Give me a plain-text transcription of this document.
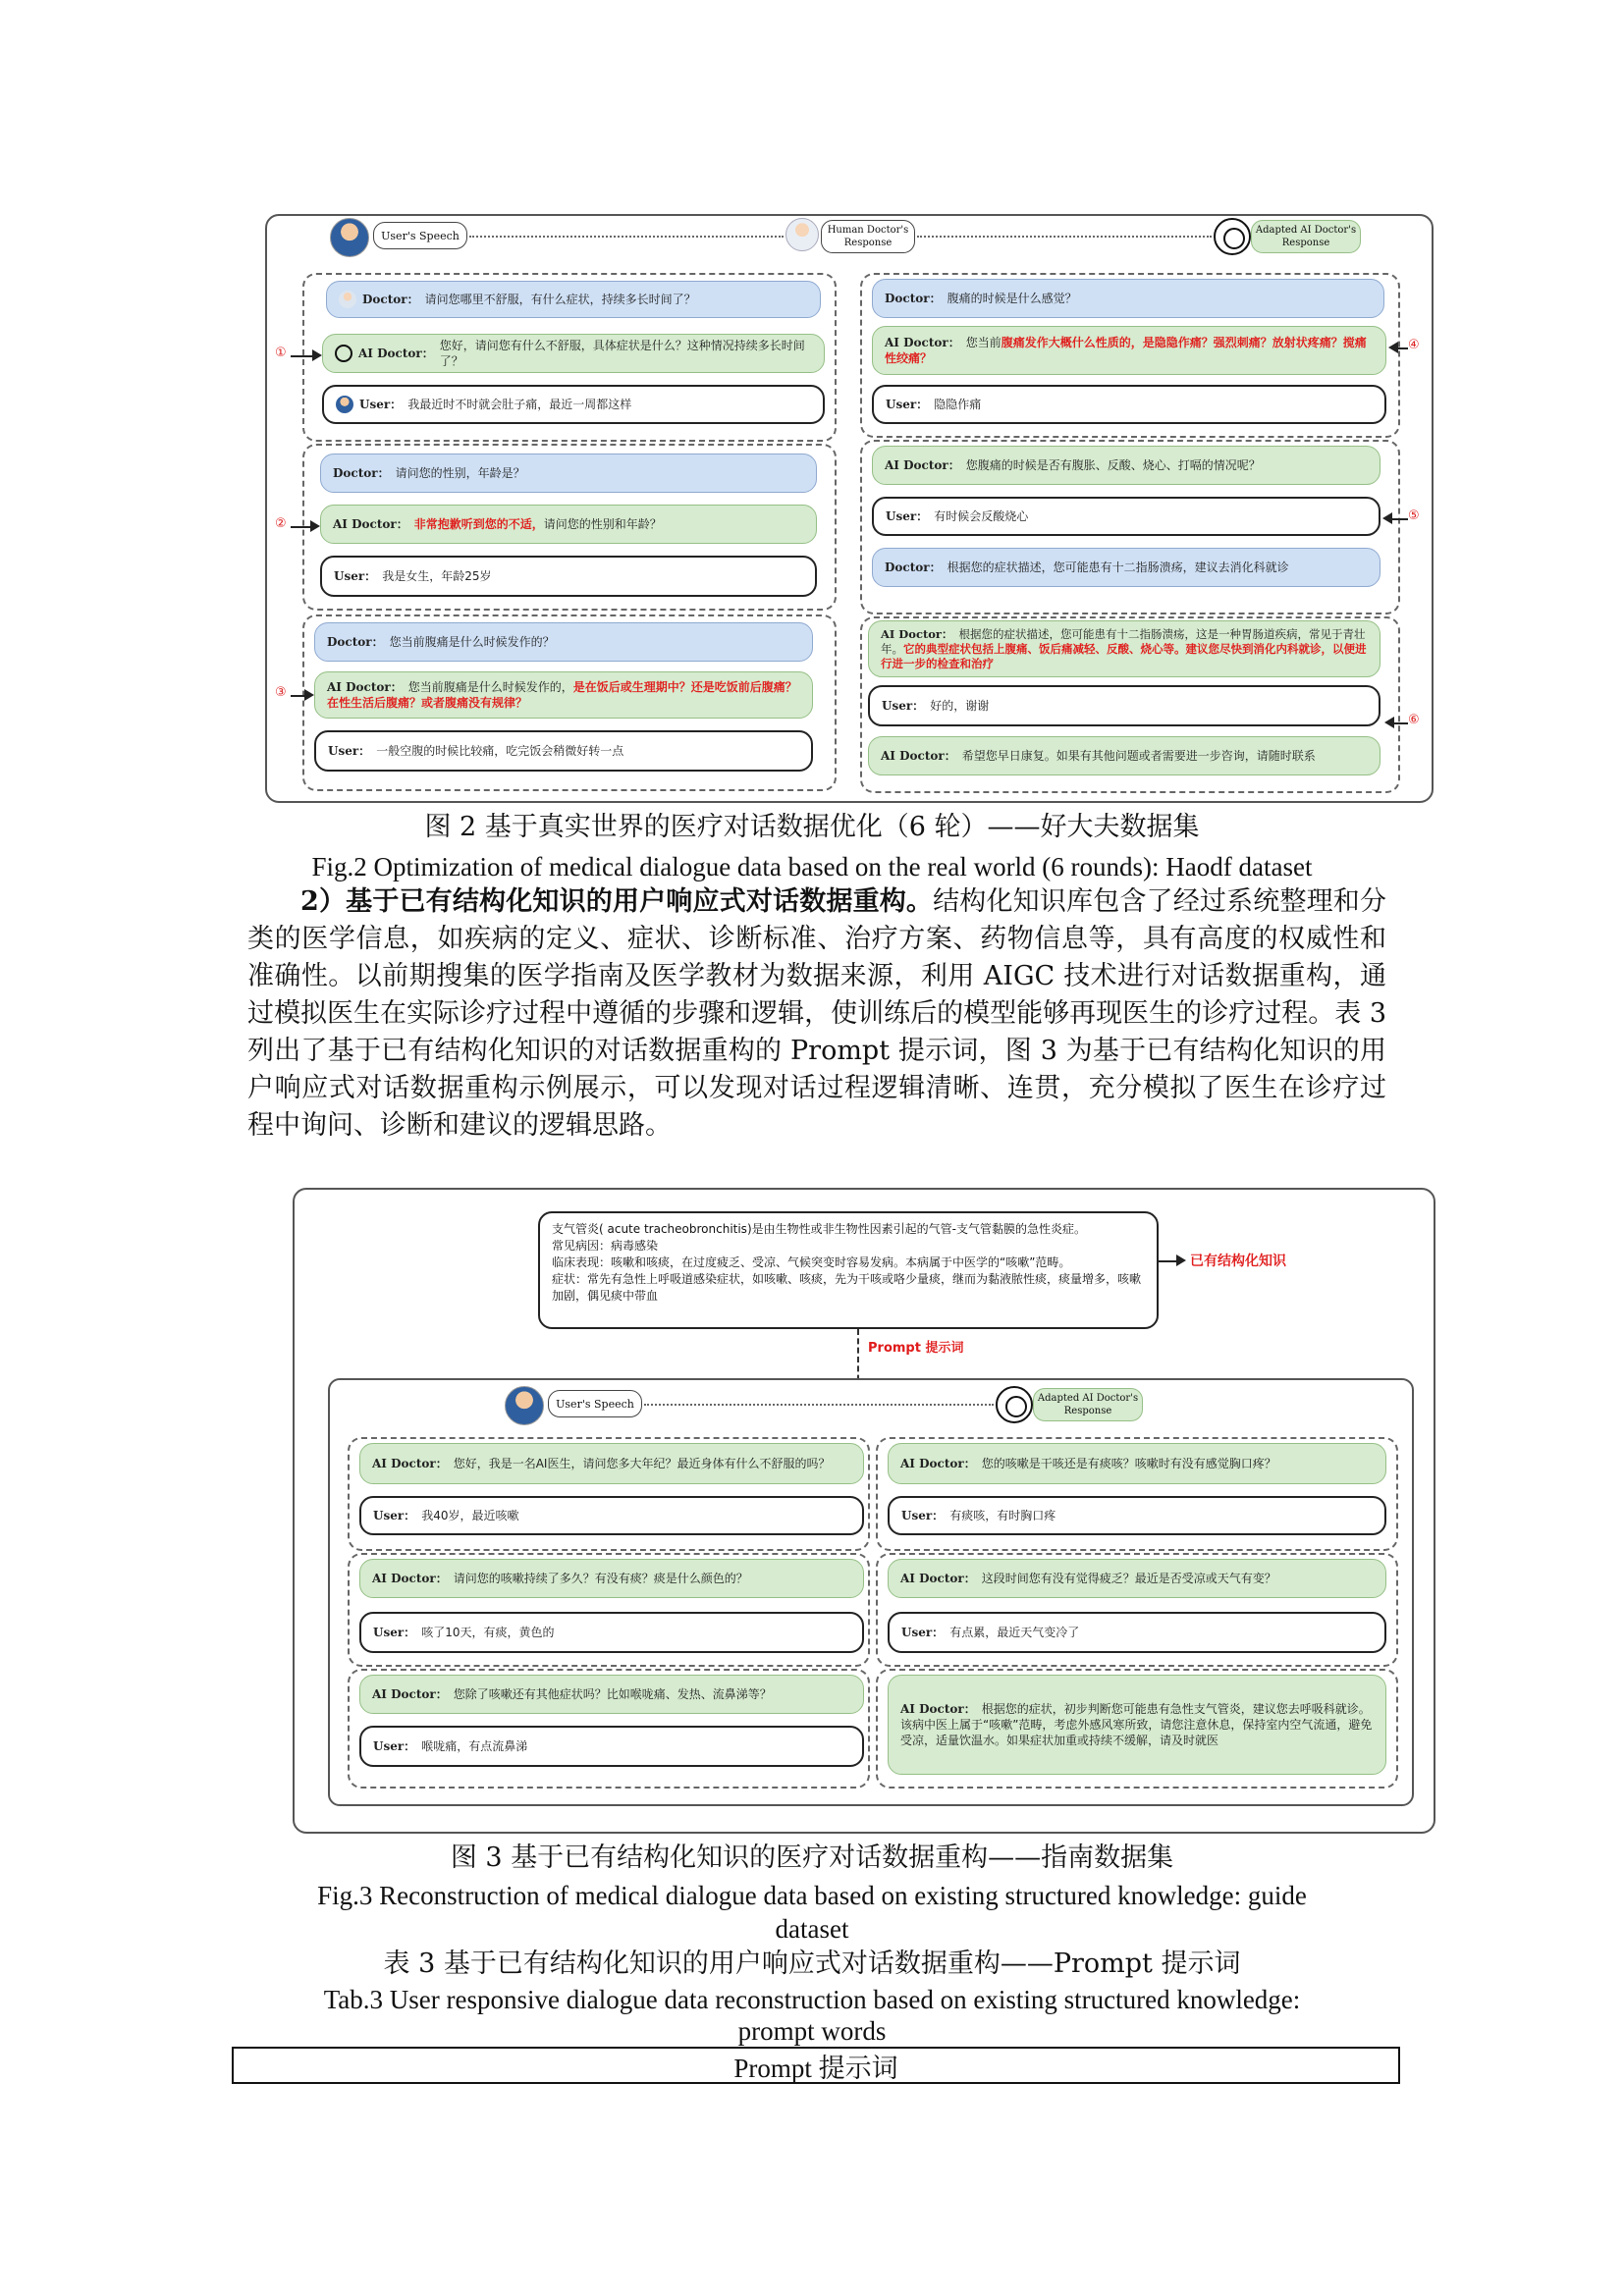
User's Speech	Human Doctor's Response
Adapted AI Doctor's Response
Doctor： 请问您哪里不舒服，有什么症状，持续多长时间了？
AI Doctor：
您好，请问您有什么不舒服，具体症状是什么？这种情况持续多长时间了？
User： 我最近时不时就会肚子痛，最近一周都这样
Doctor： 请问您的性别，年龄是？
AI Doctor： 非常抱歉听到您的不适， 请问您的性别和年龄？
User： 我是女生，年龄25岁
Doctor： 您当前腹痛是什么时候发作的？
AI Doctor： 您当前腹痛是什么时候发作的，是在饭后或生理期中？还是吃饭前后腹痛？在性生活后腹痛？或者腹痛没有规律？
User： 一般空腹的时候比较痛，吃完饭会稍微好转一点
Doctor： 腹痛的时候是什么感觉？
AI Doctor： 您当前腹痛发作大概什么性质的，是隐隐作痛？强烈刺痛？放射状疼痛？搅痛性绞痛？
User： 隐隐作痛
AI Doctor： 您腹痛的时候是否有腹胀、反酸、烧心、打嗝的情况呢？
User： 有时候会反酸烧心
Doctor： 根据您的症状描述，您可能患有十二指肠溃疡，建议去消化科就诊
AI Doctor： 根据您的症状描述，您可能患有十二指肠溃疡，这是一种胃肠道疾病，常见于青壮年。它的典型症状包括上腹痛、饭后痛减轻、反酸、烧心等。建议您尽快到消化内科就诊，以便进行进一步的检查和治疗
User： 好的，谢谢
AI Doctor： 希望您早日康复。如果有其他问题或者需要进一步咨询，请随时联系
①
②
③
④
⑤
⑥
图 2 基于真实世界的医疗对话数据优化（6 轮）——好大夫数据集
Fig.2 Optimization of medical dialogue data based on the real world (6 rounds): Haodf dataset
2）基于已有结构化知识的用户响应式对话数据重构。结构化知识库包含了经过系统整理和分类的医学信息，如疾病的定义、症状、诊断标准、治疗方案、药物信息等，具有高度的权威性和准确性。以前期搜集的医学指南及医学教材为数据来源，利用 AIGC 技术进行对话数据重构，通过模拟医生在实际诊疗过程中遵循的步骤和逻辑，使训练后的模型能够再现医生的诊疗过程。表 3 列出了基于已有结构化知识的对话数据重构的 Prompt 提示词，图 3 为基于已有结构化知识的用户响应式对话数据重构示例展示，可以发现对话过程逻辑清晰、连贯，充分模拟了医生在诊疗过程中询问、诊断和建议的逻辑思路。
支气管炎( acute tracheobronchitis)是由生物性或非生物性因素引起的气管-支气管黏膜的急性炎症。
常见病因：病毒感染
临床表现：咳嗽和咳痰，在过度疲乏、受凉、气候突变时容易发病。本病属于中医学的“咳嗽”范畴。
症状：常先有急性上呼吸道感染症状，如咳嗽、咳痰，先为干咳或咯少量痰，继而为黏液脓性痰，痰量增多，咳嗽加剧，偶见痰中带血
已有结构化知识
Prompt 提示词
User's Speech	Adapted AI Doctor's Response
AI Doctor： 您好，我是一名AI医生，请问您多大年纪？最近身体有什么不舒服的吗？
User： 我40岁，最近咳嗽
AI Doctor： 请问您的咳嗽持续了多久？有没有痰？痰是什么颜色的？
User： 咳了10天，有痰，黄色的
AI Doctor： 您除了咳嗽还有其他症状吗？比如喉咙痛、发热、流鼻涕等？
User： 喉咙痛，有点流鼻涕
AI Doctor： 您的咳嗽是干咳还是有痰咳？咳嗽时有没有感觉胸口疼？
User： 有痰咳，有时胸口疼
AI Doctor： 这段时间您有没有觉得疲乏？最近是否受凉或天气有变？
User： 有点累，最近天气变冷了
AI Doctor： 根据您的症状，初步判断您可能患有急性支气管炎，建议您去呼吸科就诊。该病中医上属于“咳嗽”范畴，考虑外感风寒所致，请您注意休息，保持室内空气流通，避免受凉，适量饮温水。如果症状加重或持续不缓解，请及时就医
图 3 基于已有结构化知识的医疗对话数据重构——指南数据集
Fig.3 Reconstruction of medical dialogue data based on existing structured knowledge: guide
dataset
表 3 基于已有结构化知识的用户响应式对话数据重构——Prompt 提示词
Tab.3 User responsive dialogue data reconstruction based on existing structured knowledge:
prompt words
Prompt 提示词
